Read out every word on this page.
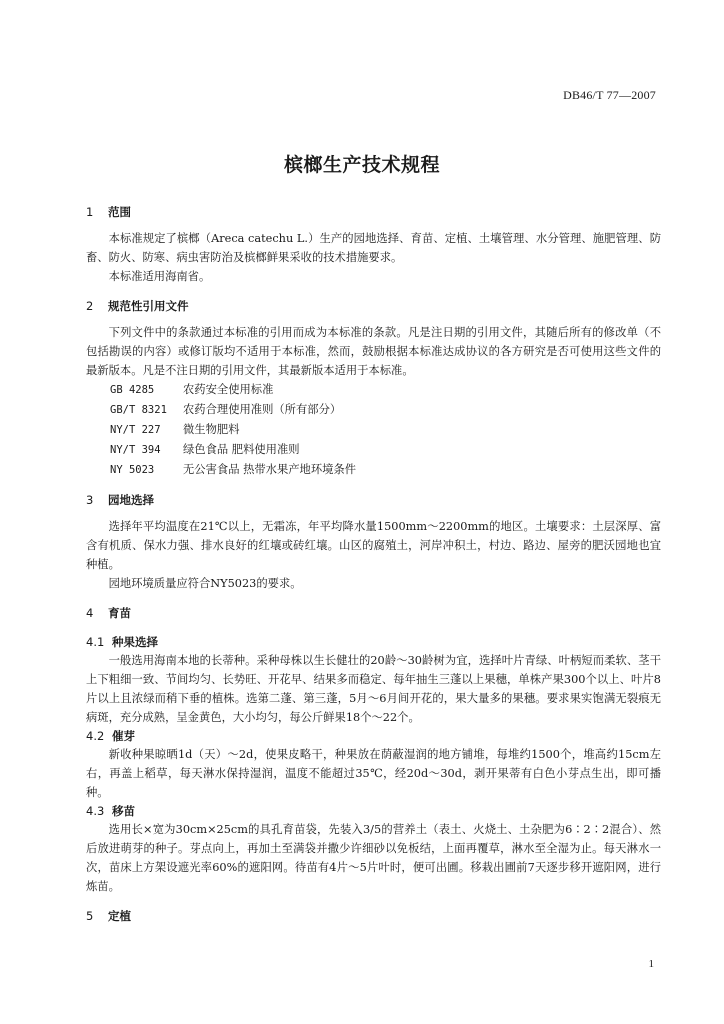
DB46/T 77—2007
槟榔生产技术规程
1 范围

本标准规定了槟榔（Areca catechu L.）生产的园地选择、育苗、定植、土壤管理、水分管理、施肥管理、防畜、防火、防寒、病虫害防治及槟榔鲜果采收的技术措施要求。

本标准适用海南省。

2 规范性引用文件

下列文件中的条款通过本标准的引用而成为本标准的条款。凡是注日期的引用文件，其随后所有的修改单（不包括勘误的内容）或修订版均不适用于本标准，然而，鼓励根据本标准达成协议的各方研究是否可使用这些文件的最新版本。凡是不注日期的引用文件，其最新版本适用于本标准。

GB 4285	农药安全使用标准
GB/T 8321 农药合理使用准则（所有部分）
NY/T 227 微生物肥料
NY/T 394 绿色食品 肥料使用准则
NY 5023	无公害食品 热带水果产地环境条件
3 园地选择

选择年平均温度在21℃以上，无霜冻，年平均降水量1500mm～2200mm的地区。土壤要求：土层深厚、富含有机质、保水力强、排水良好的红壤或砖红壤。山区的腐殖土，河岸冲积土，村边、路边、屋旁的肥沃园地也宜种植。

园地环境质量应符合NY5023的要求。

4 育苗
4.1 种果选择

一般选用海南本地的长蒂种。采种母株以生长健壮的20龄～30龄树为宜，选择叶片青绿、叶柄短而柔软、茎干上下粗细一致、节间均匀、长势旺、开花早、结果多而稳定、每年抽生三蓬以上果穗，单株产果300个以上、叶片8片以上且浓绿而稍下垂的植株。选第二蓬、第三蓬，5月～6月间开花的，果大量多的果穗。要求果实饱满无裂痕无病斑，充分成熟，呈金黄色，大小均匀，每公斤鲜果18个～22个。

4.2 催芽

新收种果晾晒1d（天）～2d，使果皮略干，种果放在荫蔽湿润的地方铺堆，每堆约1500个，堆高约15cm左右，再盖上稻草，每天淋水保持湿润，温度不能超过35℃，经20d～30d，剥开果蒂有白色小芽点生出，即可播种。

4.3 移苗

选用长×宽为30cm×25cm的具孔育苗袋，先装入3/5的营养土（表土、火烧土、土杂肥为6∶2∶2混合）、然后放进萌芽的种子。芽点向上，再加土至满袋并撒少许细砂以免板结，上面再覆草，淋水至全湿为止。每天淋水一次，苗床上方架设遮光率60%的遮阳网。待苗有4片～5片叶时，便可出圃。移栽出圃前7天逐步移开遮阳网，进行炼苗。

5 定植
1
